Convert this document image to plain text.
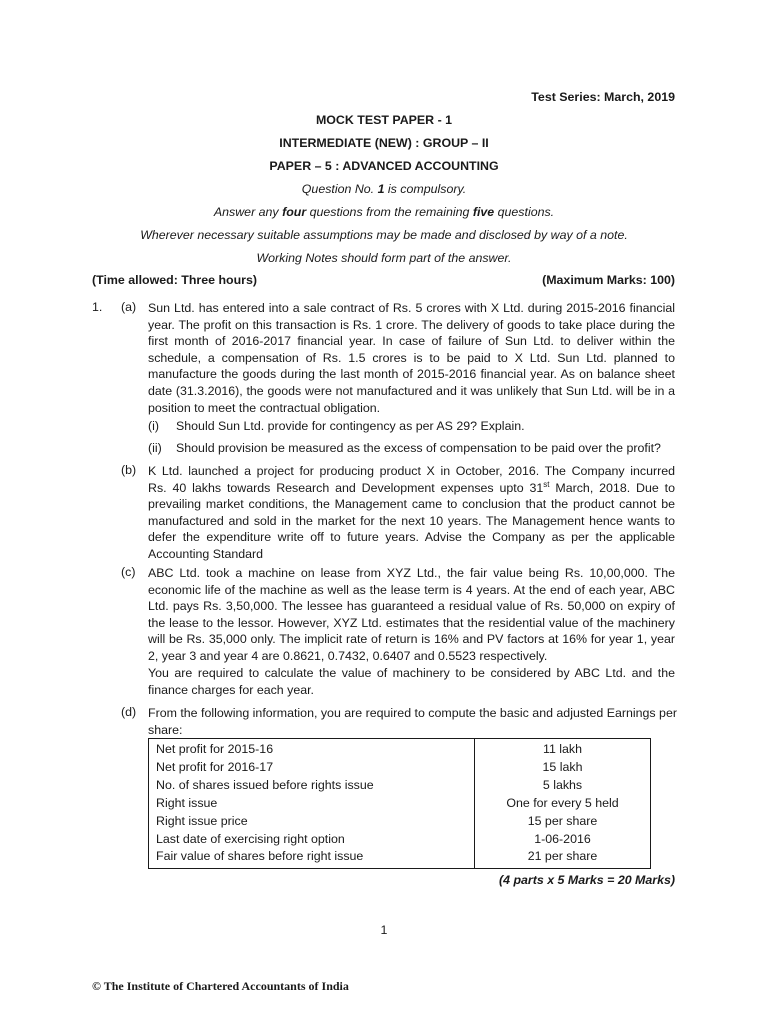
Test Series: March, 2019
MOCK TEST PAPER - 1
INTERMEDIATE (NEW) : GROUP – II
PAPER – 5 : ADVANCED ACCOUNTING
Question No. 1 is compulsory.
Answer any four questions from the remaining five questions.
Wherever necessary suitable assumptions may be made and disclosed by way of a note.
Working Notes should form part of the answer.
(Time allowed: Three hours)	(Maximum Marks: 100)
1. (a) Sun Ltd. has entered into a sale contract of Rs. 5 crores with X Ltd. during 2015-2016 financial
year. The profit on this transaction is Rs. 1 crore. The delivery of goods to take place during the
first month of 2016-2017 financial year. In case of failure of Sun Ltd. to deliver within the
schedule, a compensation of Rs. 1.5 crores is to be paid to X Ltd. Sun Ltd. planned to
manufacture the goods during the last month of 2015-2016 financial year. As on balance sheet
date (31.3.2016), the goods were not manufactured and it was unlikely that Sun Ltd. will be in a
position to meet the contractual obligation.
(i) Should Sun Ltd. provide for contingency as per AS 29? Explain.
(ii) Should provision be measured as the excess of compensation to be paid over the profit?
(b) K Ltd. launched a project for producing product X in October, 2016. The Company incurred
Rs. 40 lakhs towards Research and Development expenses upto 31st March, 2018. Due to
prevailing market conditions, the Management came to conclusion that the product cannot be
manufactured and sold in the market for the next 10 years. The Management hence wants to
defer the expenditure write off to future years. Advise the Company as per the applicable
Accounting Standard
(c) ABC Ltd. took a machine on lease from XYZ Ltd., the fair value being Rs. 10,00,000. The
economic life of the machine as well as the lease term is 4 years. At the end of each year, ABC
Ltd. pays Rs. 3,50,000. The lessee has guaranteed a residual value of Rs. 50,000 on expiry of
the lease to the lessor. However, XYZ Ltd. estimates that the residential value of the machinery
will be Rs. 35,000 only. The implicit rate of return is 16% and PV factors at 16% for year 1, year
2, year 3 and year 4 are 0.8621, 0.7432, 0.6407 and 0.5523 respectively.
You are required to calculate the value of machinery to be considered by ABC Ltd. and the
finance charges for each year.
(d) From the following information, you are required to compute the basic and adjusted Earnings per
share:
Net profit for 2015-16	11 lakh
Net profit for 2016-17	15 lakh
No. of shares issued before rights issue	5 lakhs
Right issue	One for every 5 held
Right issue price	15 per share
Last date of exercising right option	1-06-2016
Fair value of shares before right issue	21 per share
(4 parts x 5 Marks = 20 Marks)
1
© The Institute of Chartered Accountants of India
